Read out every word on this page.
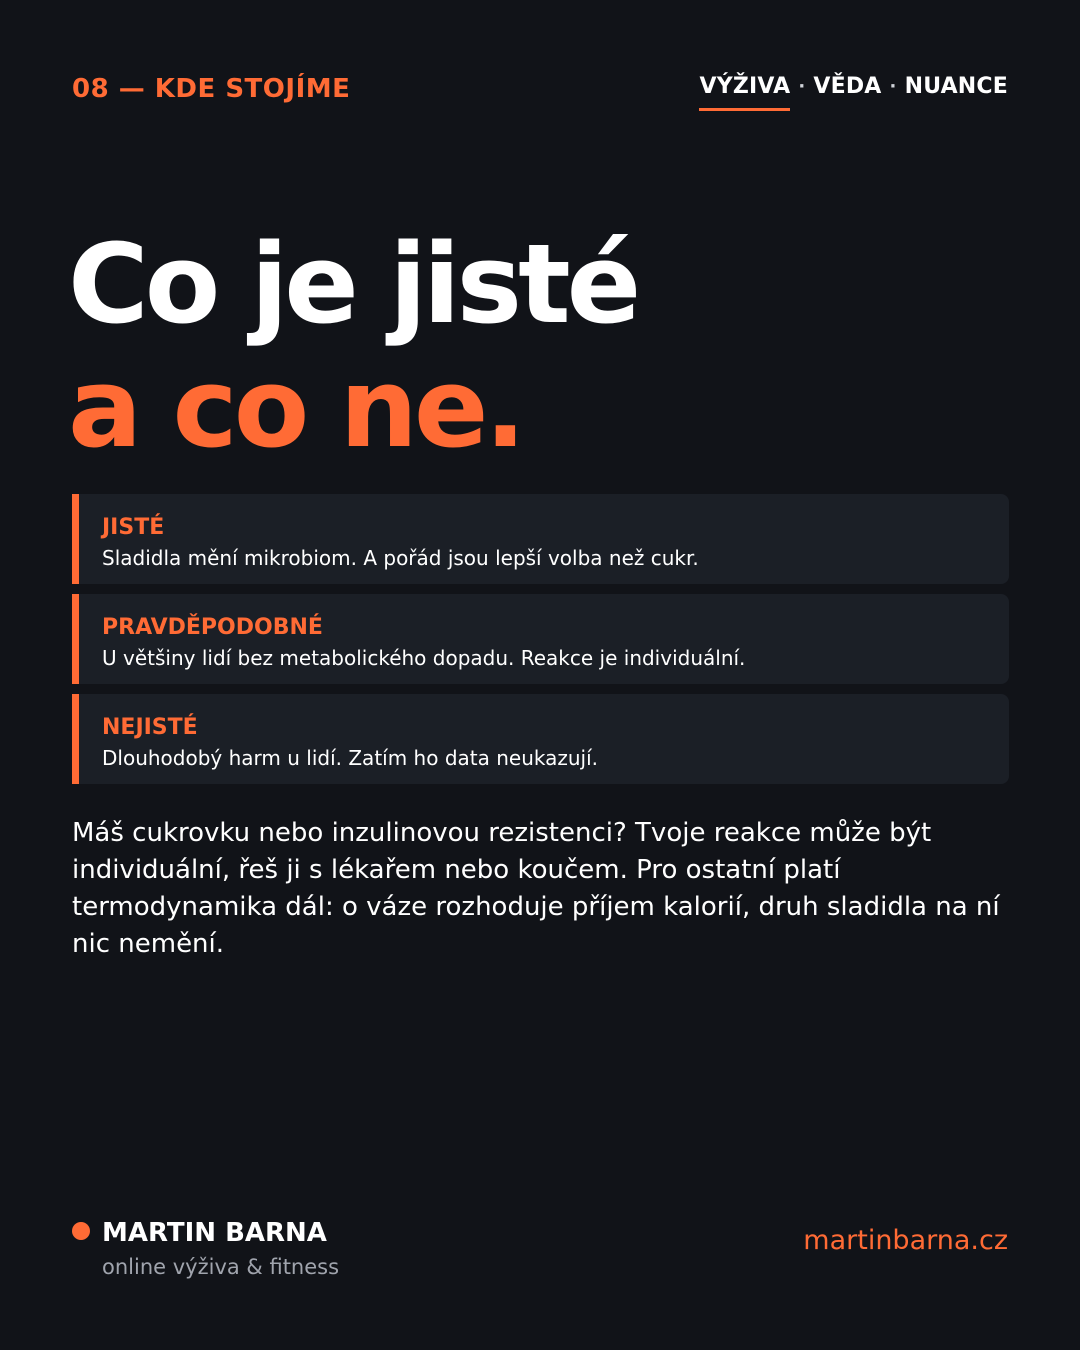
08 — KDE STOJÍME	VÝŽIVA · VĚDA · NUANCE
Co je jisté
a co ne.
JISTÉ
Sladidla mění mikrobiom. A pořád jsou lepší volba než cukr.
PRAVDĚPODOBNÉ
U většiny lidí bez metabolického dopadu. Reakce je individuální.
NEJISTÉ
Dlouhodobý harm u lidí. Zatím ho data neukazují.

Máš cukrovku nebo inzulinovou rezistenci? Tvoje reakce může být individuální, řeš ji s lékařem nebo koučem. Pro ostatní platí termodynamika dál: o váze rozhoduje příjem kalorií, druh sladidla na ní nic nemění.

MARTIN BARNA
online výživa & fitness
martinbarna.cz
